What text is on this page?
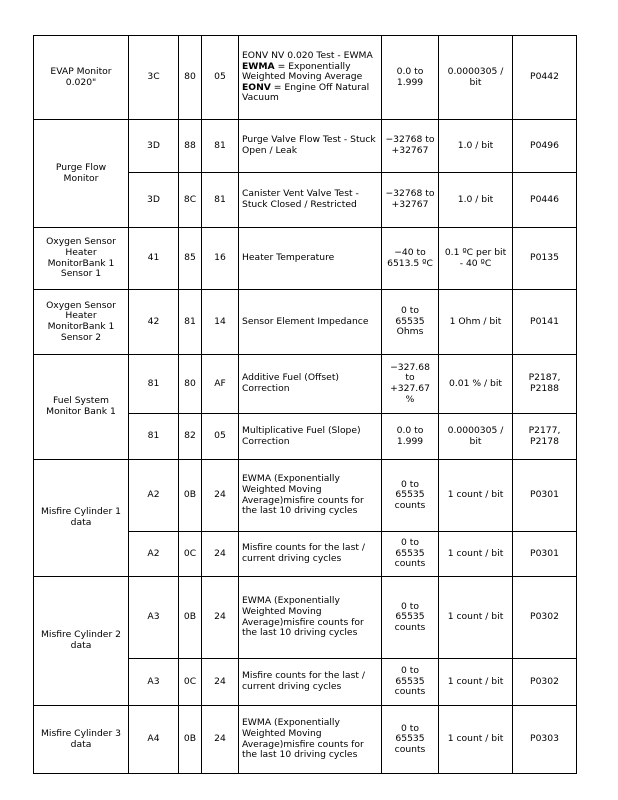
EVAP Monitor
0.020"	3C	80	05	EONV NV 0.020 Test - EWMA
EWMA = Exponentially Weighted Moving Average
EONV = Engine Off Natural Vacuum	0.0 to 1.999	0.0000305 / bit	P0442
Purge Flow
Monitor	3D	88	81	Purge Valve Flow Test - Stuck Open / Leak	−32768 to +32767	1.0 / bit	P0496
	3D	8C	81	Canister Vent Valve Test - Stuck Closed / Restricted	−32768 to +32767	1.0 / bit	P0446
Oxygen Sensor
Heater
MonitorBank 1
Sensor 1	41	85	16	Heater Temperature	−40 to 6513.5 ºC	0.1 ºC per bit - 40 ºC	P0135
Oxygen Sensor
Heater
MonitorBank 1
Sensor 2	42	81	14	Sensor Element Impedance	0 to 65535 Ohms	1 Ohm / bit	P0141
Fuel System
Monitor Bank 1	81	80	AF	Additive Fuel (Offset) Correction	−327.68 to +327.67 %	0.01 % / bit	P2187, P2188
	81	82	05	Multiplicative Fuel (Slope) Correction	0.0 to 1.999	0.0000305 / bit	P2177, P2178
Misfire Cylinder 1
data	A2	0B	24	EWMA (Exponentially Weighted Moving Average)misfire counts for the last 10 driving cycles	0 to 65535 counts	1 count / bit	P0301
	A2	0C	24	Misfire counts for the last / current driving cycles	0 to 65535 counts	1 count / bit	P0301
Misfire Cylinder 2
data	A3	0B	24	EWMA (Exponentially Weighted Moving Average)misfire counts for the last 10 driving cycles	0 to 65535 counts	1 count / bit	P0302
	A3	0C	24	Misfire counts for the last / current driving cycles	0 to 65535 counts	1 count / bit	P0302
Misfire Cylinder 3
data	A4	0B	24	EWMA (Exponentially Weighted Moving Average)misfire counts for the last 10 driving cycles	0 to 65535 counts	1 count / bit	P0303
